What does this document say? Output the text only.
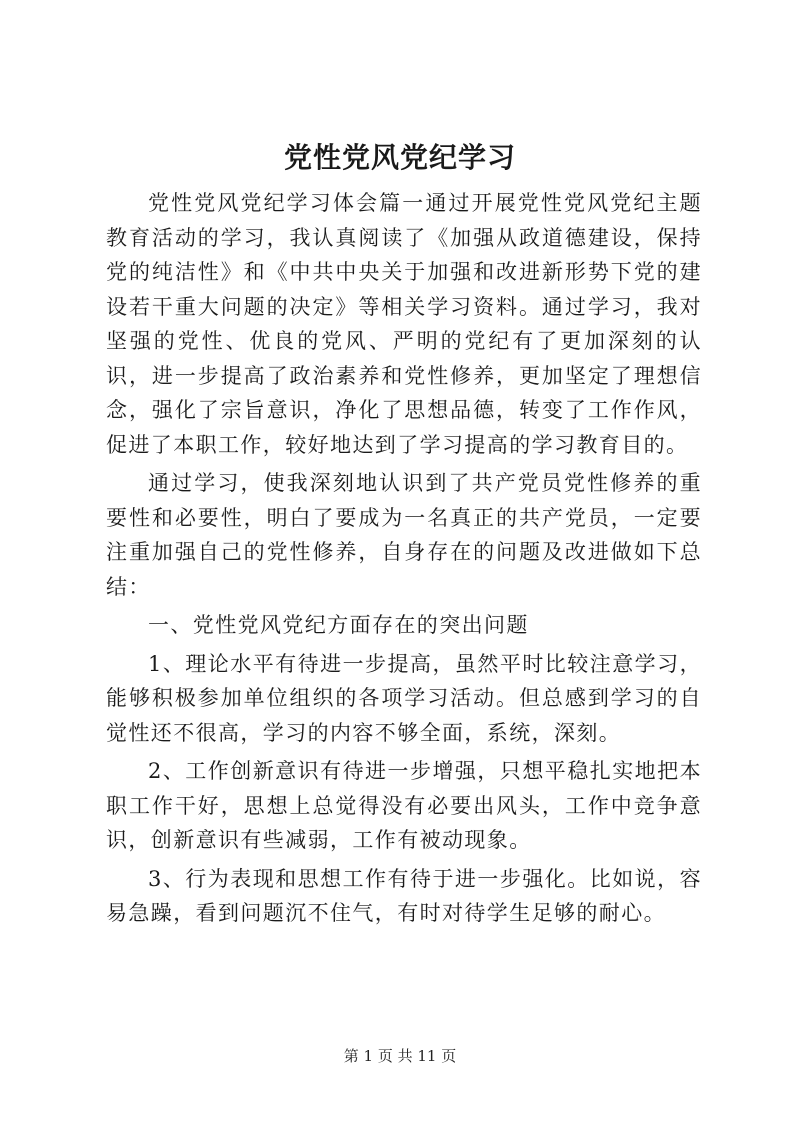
党性党风党纪学习

党性党风党纪学习体会篇一通过开展党性党风党纪主题教育活动的学习，我认真阅读了《加强从政道德建设，保持党的纯洁性》和《中共中央关于加强和改进新形势下党的建设若干重大问题的决定》等相关学习资料。通过学习，我对坚强的党性、优良的党风、严明的党纪有了更加深刻的认识，进一步提高了政治素养和党性修养，更加坚定了理想信念，强化了宗旨意识，净化了思想品德，转变了工作作风，促进了本职工作，较好地达到了学习提高的学习教育目的。

通过学习，使我深刻地认识到了共产党员党性修养的重要性和必要性，明白了要成为一名真正的共产党员，一定要注重加强自己的党性修养，自身存在的问题及改进做如下总结：

一、党性党风党纪方面存在的突出问题

1、理论水平有待进一步提高，虽然平时比较注意学习，能够积极参加单位组织的各项学习活动。但总感到学习的自觉性还不很高，学习的内容不够全面，系统，深刻。

2、工作创新意识有待进一步增强，只想平稳扎实地把本职工作干好，思想上总觉得没有必要出风头，工作中竞争意识，创新意识有些减弱，工作有被动现象。

3、行为表现和思想工作有待于进一步强化。比如说，容易急躁，看到问题沉不住气，有时对待学生足够的耐心。

第 1 页 共 11 页
